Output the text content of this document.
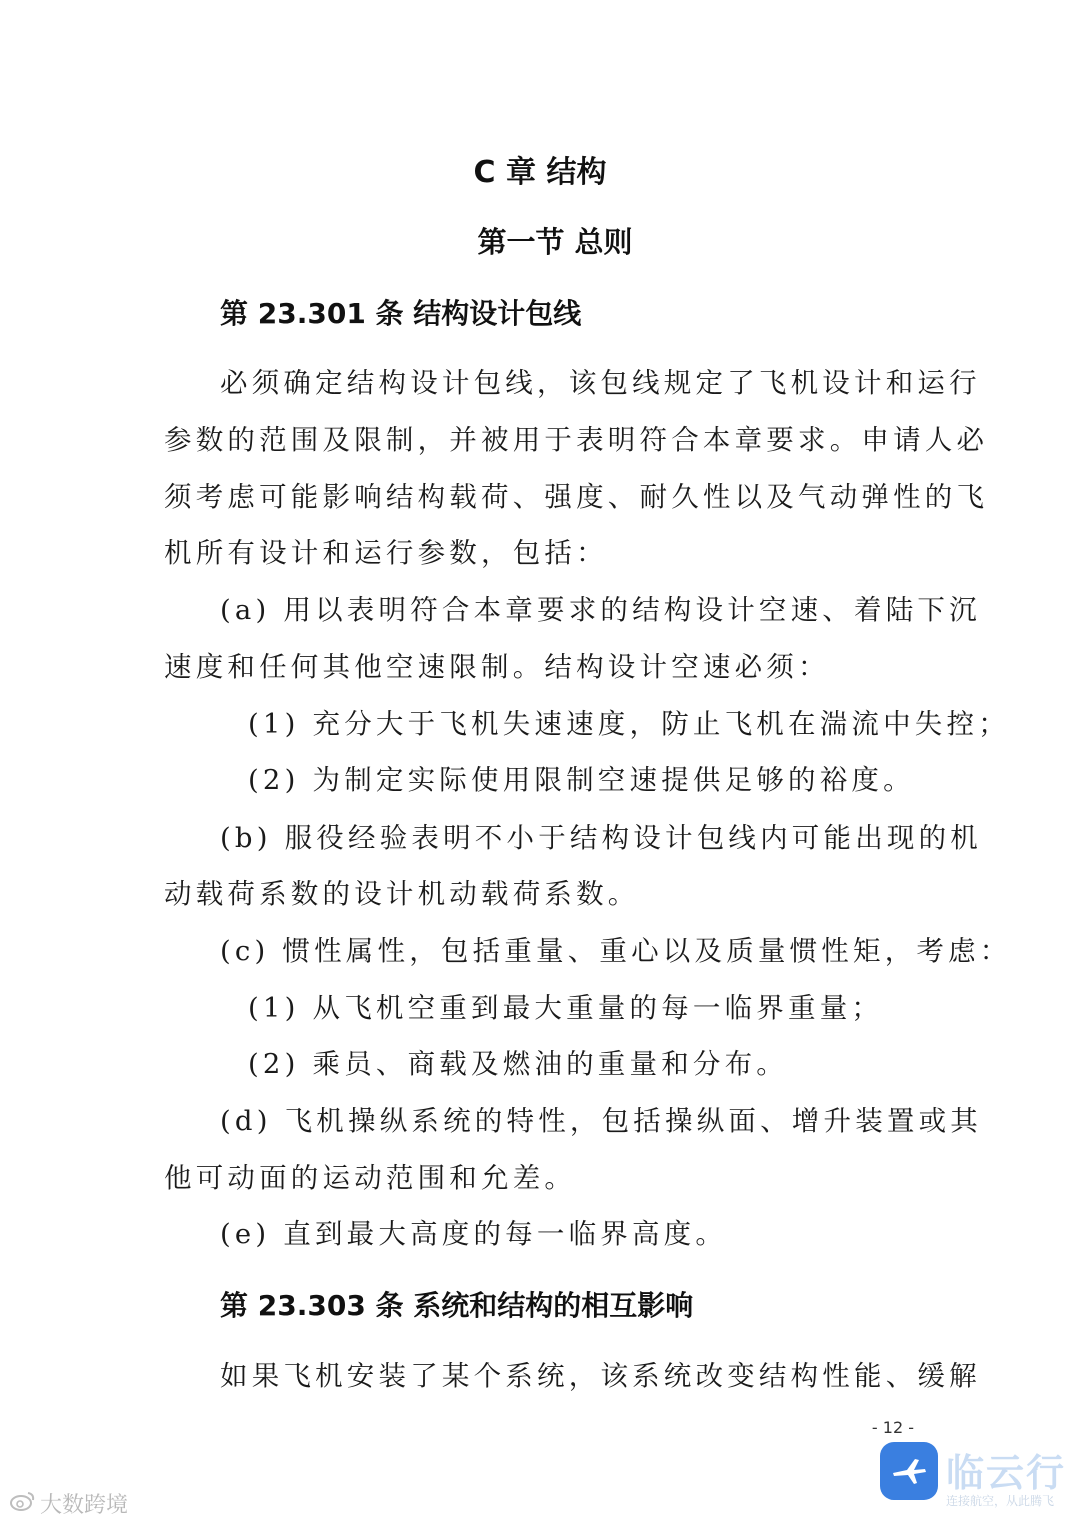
C 章 结构
第一节 总则
第 23.301 条 结构设计包线

必须确定结构设计包线，该包线规定了飞机设计和运行

参数的范围及限制，并被用于表明符合本章要求。申请人必

须考虑可能影响结构载荷、强度、耐久性以及气动弹性的飞

机所有设计和运行参数，包括：

(a) 用以表明符合本章要求的结构设计空速、着陆下沉

速度和任何其他空速限制。结构设计空速必须：

(1) 充分大于飞机失速速度，防止飞机在湍流中失控；

(2) 为制定实际使用限制空速提供足够的裕度。

(b) 服役经验表明不小于结构设计包线内可能出现的机

动载荷系数的设计机动载荷系数。

(c) 惯性属性，包括重量、重心以及质量惯性矩，考虑：

(1) 从飞机空重到最大重量的每一临界重量；

(2) 乘员、商载及燃油的重量和分布。

(d) 飞机操纵系统的特性，包括操纵面、增升装置或其

他可动面的运动范围和允差。

(e) 直到最大高度的每一临界高度。

第 23.303 条 系统和结构的相互影响

如果飞机安装了某个系统，该系统改变结构性能、缓解

- 12 -
大数跨境
临云行
连接航空，从此腾飞
